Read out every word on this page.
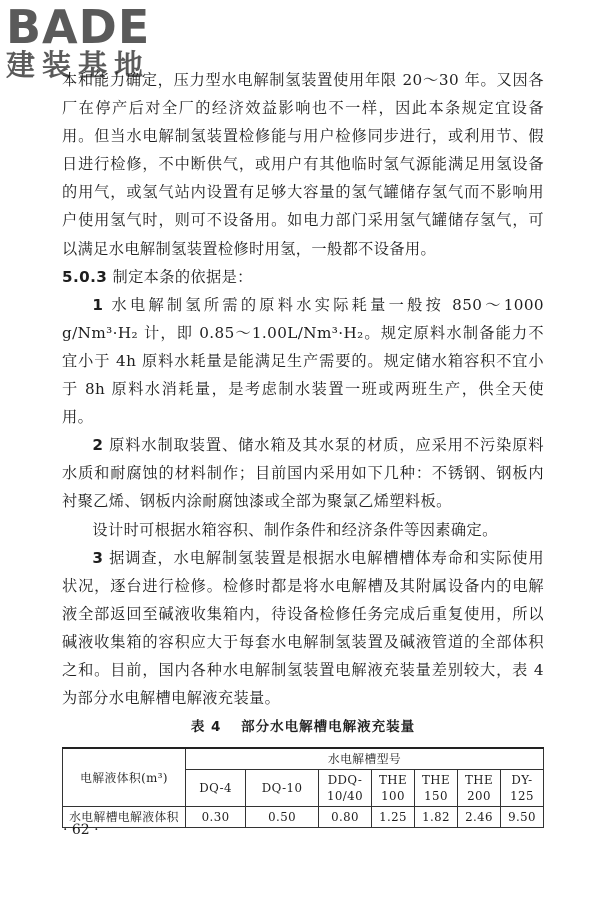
BADE
建装基地

本和能力确定，压力型水电解制氢装置使用年限 20～30 年。又因各厂在停产后对全厂的经济效益影响也不一样，因此本条规定宜设备用。但当水电解制氢装置检修能与用户检修同步进行，或利用节、假日进行检修，不中断供气，或用户有其他临时氢气源能满足用氢设备的用气，或氢气站内设置有足够大容量的氢气罐储存氢气而不影响用户使用氢气时，则可不设备用。如电力部门采用氢气罐储存氢气，可以满足水电解制氢装置检修时用氢，一般都不设备用。

5.0.3 制定本条的依据是：

1 水电解制氢所需的原料水实际耗量一般按 850～1000 g/Nm³·H₂ 计，即 0.85～1.00L/Nm³·H₂。规定原料水制备能力不宜小于 4h 原料水耗量是能满足生产需要的。规定储水箱容积不宜小于 8h 原料水消耗量，是考虑制水装置一班或两班生产，供全天使用。

2 原料水制取装置、储水箱及其水泵的材质，应采用不污染原料水质和耐腐蚀的材料制作；目前国内采用如下几种：不锈钢、钢板内衬聚乙烯、钢板内涂耐腐蚀漆或全部为聚氯乙烯塑料板。

设计时可根据水箱容积、制作条件和经济条件等因素确定。

3 据调查，水电解制氢装置是根据水电解槽槽体寿命和实际使用状况，逐台进行检修。检修时都是将水电解槽及其附属设备内的电解液全部返回至碱液收集箱内，待设备检修任务完成后重复使用，所以碱液收集箱的容积应大于每套水电解制氢装置及碱液管道的全部体积之和。目前，国内各种水电解制氢装置电解液充装量差别较大，表 4 为部分水电解槽电解液充装量。

表 4 部分水电解槽电解液充装量
电解液体积(m³)	水电解槽型号						
	DQ-4	DQ-10	DDQ-10/40	THE 100	THE 150	THE 200	DY-125
水电解槽电解液体积	0.30	0.50	0.80	1.25	1.82	2.46	9.50
· 62 ·
